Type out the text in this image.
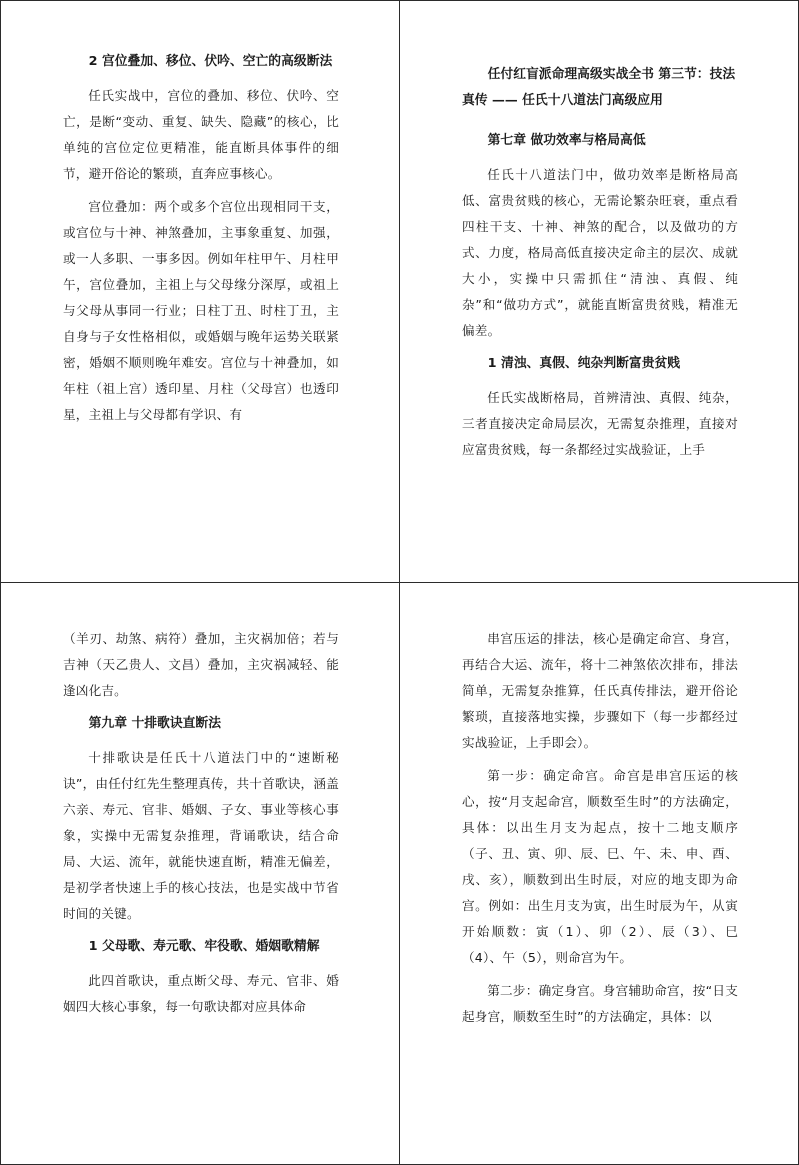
2 宫位叠加、移位、伏吟、空亡的高级断法

任氏实战中，宫位的叠加、移位、伏吟、空亡，是断“变动、重复、缺失、隐藏”的核心，比单纯的宫位定位更精准，能直断具体事件的细节，避开俗论的繁琐，直奔应事核心。

宫位叠加：两个或多个宫位出现相同干支，或宫位与十神、神煞叠加，主事象重复、加强，或一人多职、一事多因。例如年柱甲午、月柱甲午，宫位叠加，主祖上与父母缘分深厚，或祖上与父母从事同一行业；日柱丁丑、时柱丁丑，主自身与子女性格相似，或婚姻与晚年运势关联紧密，婚姻不顺则晚年难安。宫位与十神叠加，如年柱（祖上宫）透印星、月柱（父母宫）也透印星，主祖上与父母都有学识、有

任付红盲派命理高级实战全书 第三节：技法真传 —— 任氏十八道法门高级应用

第七章 做功效率与格局高低

任氏十八道法门中，做功效率是断格局高低、富贵贫贱的核心，无需论繁杂旺衰，重点看四柱干支、十神、神煞的配合，以及做功的方式、力度，格局高低直接决定命主的层次、成就大小，实操中只需抓住“清浊、真假、纯杂”和“做功方式”，就能直断富贵贫贱，精准无偏差。

1 清浊、真假、纯杂判断富贵贫贱

任氏实战断格局，首辨清浊、真假、纯杂，三者直接决定命局层次，无需复杂推理，直接对应富贵贫贱，每一条都经过实战验证，上手

（羊刃、劫煞、病符）叠加，主灾祸加倍；若与吉神（天乙贵人、文昌）叠加，主灾祸减轻、能逢凶化吉。

第九章 十排歌诀直断法

十排歌诀是任氏十八道法门中的“速断秘诀”，由任付红先生整理真传，共十首歌诀，涵盖六亲、寿元、官非、婚姻、子女、事业等核心事象，实操中无需复杂推理，背诵歌诀，结合命局、大运、流年，就能快速直断，精准无偏差，是初学者快速上手的核心技法，也是实战中节省时间的关键。

1 父母歌、寿元歌、牢役歌、婚姻歌精解

此四首歌诀，重点断父母、寿元、官非、婚姻四大核心事象，每一句歌诀都对应具体命

串宫压运的排法，核心是确定命宫、身宫，再结合大运、流年，将十二神煞依次排布，排法简单，无需复杂推算，任氏真传排法，避开俗论繁琐，直接落地实操，步骤如下（每一步都经过实战验证，上手即会）。

第一步：确定命宫。命宫是串宫压运的核心，按“月支起命宫，顺数至生时”的方法确定，具体：以出生月支为起点，按十二地支顺序（子、丑、寅、卯、辰、巳、午、未、申、酉、戌、亥），顺数到出生时辰，对应的地支即为命宫。例如：出生月支为寅，出生时辰为午，从寅开始顺数：寅（1）、卯（2）、辰（3）、巳（4）、午（5），则命宫为午。

第二步：确定身宫。身宫辅助命宫，按“日支起身宫，顺数至生时”的方法确定，具体：以
